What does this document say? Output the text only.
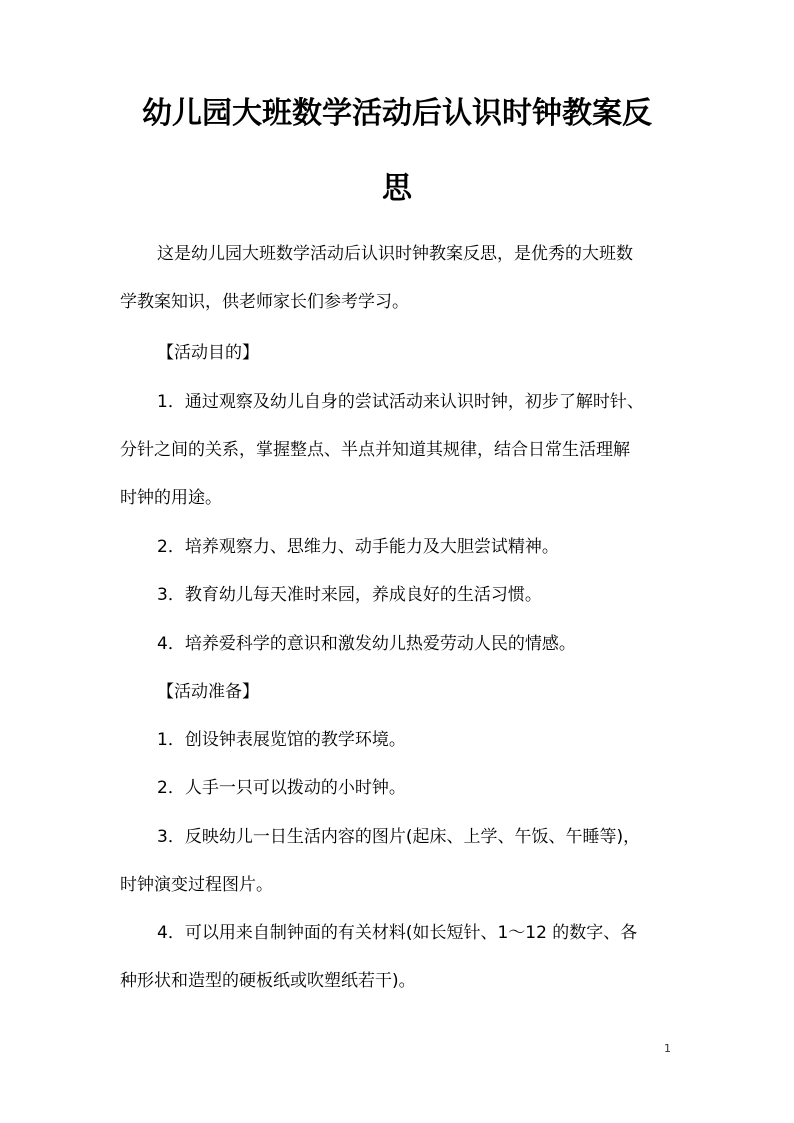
幼儿园大班数学活动后认识时钟教案反
思

这是幼儿园大班数学活动后认识时钟教案反思，是优秀的大班数

学教案知识，供老师家长们参考学习。

【活动目的】

1．通过观察及幼儿自身的尝试活动来认识时钟，初步了解时针、

分针之间的关系，掌握整点、半点并知道其规律，结合日常生活理解

时钟的用途。

2．培养观察力、思维力、动手能力及大胆尝试精神。

3．教育幼儿每天准时来园，养成良好的生活习惯。

4．培养爱科学的意识和激发幼儿热爱劳动人民的情感。

【活动准备】

1．创设钟表展览馆的教学环境。

2．人手一只可以拨动的小时钟。

3．反映幼儿一日生活内容的图片(起床、上学、午饭、午睡等)，

时钟演变过程图片。

4．可以用来自制钟面的有关材料(如长短针、1～12 的数字、各

种形状和造型的硬板纸或吹塑纸若干)。

1
